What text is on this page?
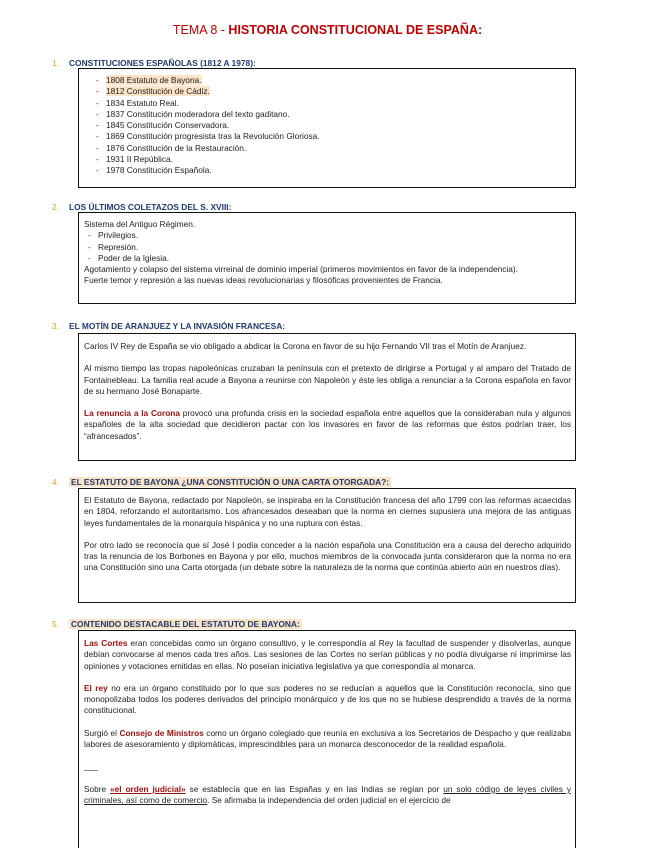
TEMA 8 - HISTORIA CONSTITUCIONAL DE ESPAÑA:
1. CONSTITUCIONES ESPAÑOLAS (1812 A 1978):
- 1808 Estatuto de Bayona.
- 1812 Constitución de Cádiz.
- 1834 Estatuto Real.
- 1837 Constitución moderadora del texto gaditano.
- 1845 Constitución Conservadora.
- 1869 Constitución progresista tras la Revolución Gloriosa.
- 1876 Constitución de la Restauración.
- 1931 II República.
- 1978 Constitución Española.
2. LOS ÚLTIMOS COLETAZOS DEL S. XVIII:

Sistema del Antiguo Régimen.

- Privilegios.
- Represión.
- Poder de la Iglesia.
Agotamiento y colapso del sistema virreinal de dominio imperial (primeros movimientos en favor de la independencia).
Fuerte temor y represión a las nuevas ideas revolucionarias y filosóficas provenientes de Francia.
3. EL MOTÍN DE ARANJUEZ Y LA INVASIÓN FRANCESA:

Carlos IV Rey de España se vio obligado a abdicar la Corona en favor de su hijo Fernando VII tras el Motín de Aranjuez.

Al mismo tiempo las tropas napoleónicas cruzaban la península con el pretexto de dirigirse a Portugal y al amparo del Tratado de Fontainebleau. La familia real acude a Bayona a reunirse con Napoleón y éste les obliga a renunciar a la Corona española en favor de su hermano José Bonaparte.

La renuncia a la Corona provocó una profunda crisis en la sociedad española entre aquellos que la consideraban nula y algunos españoles de la alta sociedad que decidieron pactar con los invasores en favor de las reformas que éstos podrían traer, los “afrancesados”.

4. EL ESTATUTO DE BAYONA ¿UNA CONSTITUCIÓN O UNA CARTA OTORGADA?:

El Estatuto de Bayona, redactado por Napoleón, se inspiraba en la Constitución francesa del año 1799 con las reformas acaecidas en 1804, reforzando el autoritarismo. Los afrancesados deseaban que la norma en ciernes supusiera una mejora de las antiguas leyes fundamentales de la monarquía hispánica y no una ruptura con éstas.

Por otro lado se reconocía que sí José I podía conceder a la nación española una Constitución era a causa del derecho adquirido tras la renuncia de los Borbones en Bayona y por ello, muchos miembros de la convocada junta consideraron que la norma no era una Constitución sino una Carta otorgada (un debate sobre la naturaleza de la norma que continúa abierto aún en nuestros días).

5. CONTENIDO DESTACABLE DEL ESTATUTO DE BAYONA:

Las Cortes eran concebidas como un órgano consultivo, y le correspondía al Rey la facultad de suspender y disolverlas, aunque debían convocarse al menos cada tres años. Las sesiones de las Cortes no serían públicas y no podía divulgarse ni imprimirse las opiniones y votaciones emitidas en ellas. No poseían iniciativa legislativa ya que correspondía al monarca.

El rey no era un órgano constituido por lo que sus poderes no se reducían a aquellos que la Constitución reconocía, sino que monopolizaba todos los poderes derivados del principio monárquico y de los que no se hubiese desprendido a través de la norma constitucional.

Surgió el Consejo de Ministros como un órgano colegiado que reunía en exclusiva a los Secretarios de Despacho y que realizaba labores de asesoramiento y diplomáticas, imprescindibles para un monarca desconocedor de la realidad española.

___

Sobre «el orden judicial» se establecía que en las Españas y en las Indias se regían por un solo código de leyes civiles y criminales, así como de comercio. Se afirmaba la independencia del orden judicial en el ejercicio de
